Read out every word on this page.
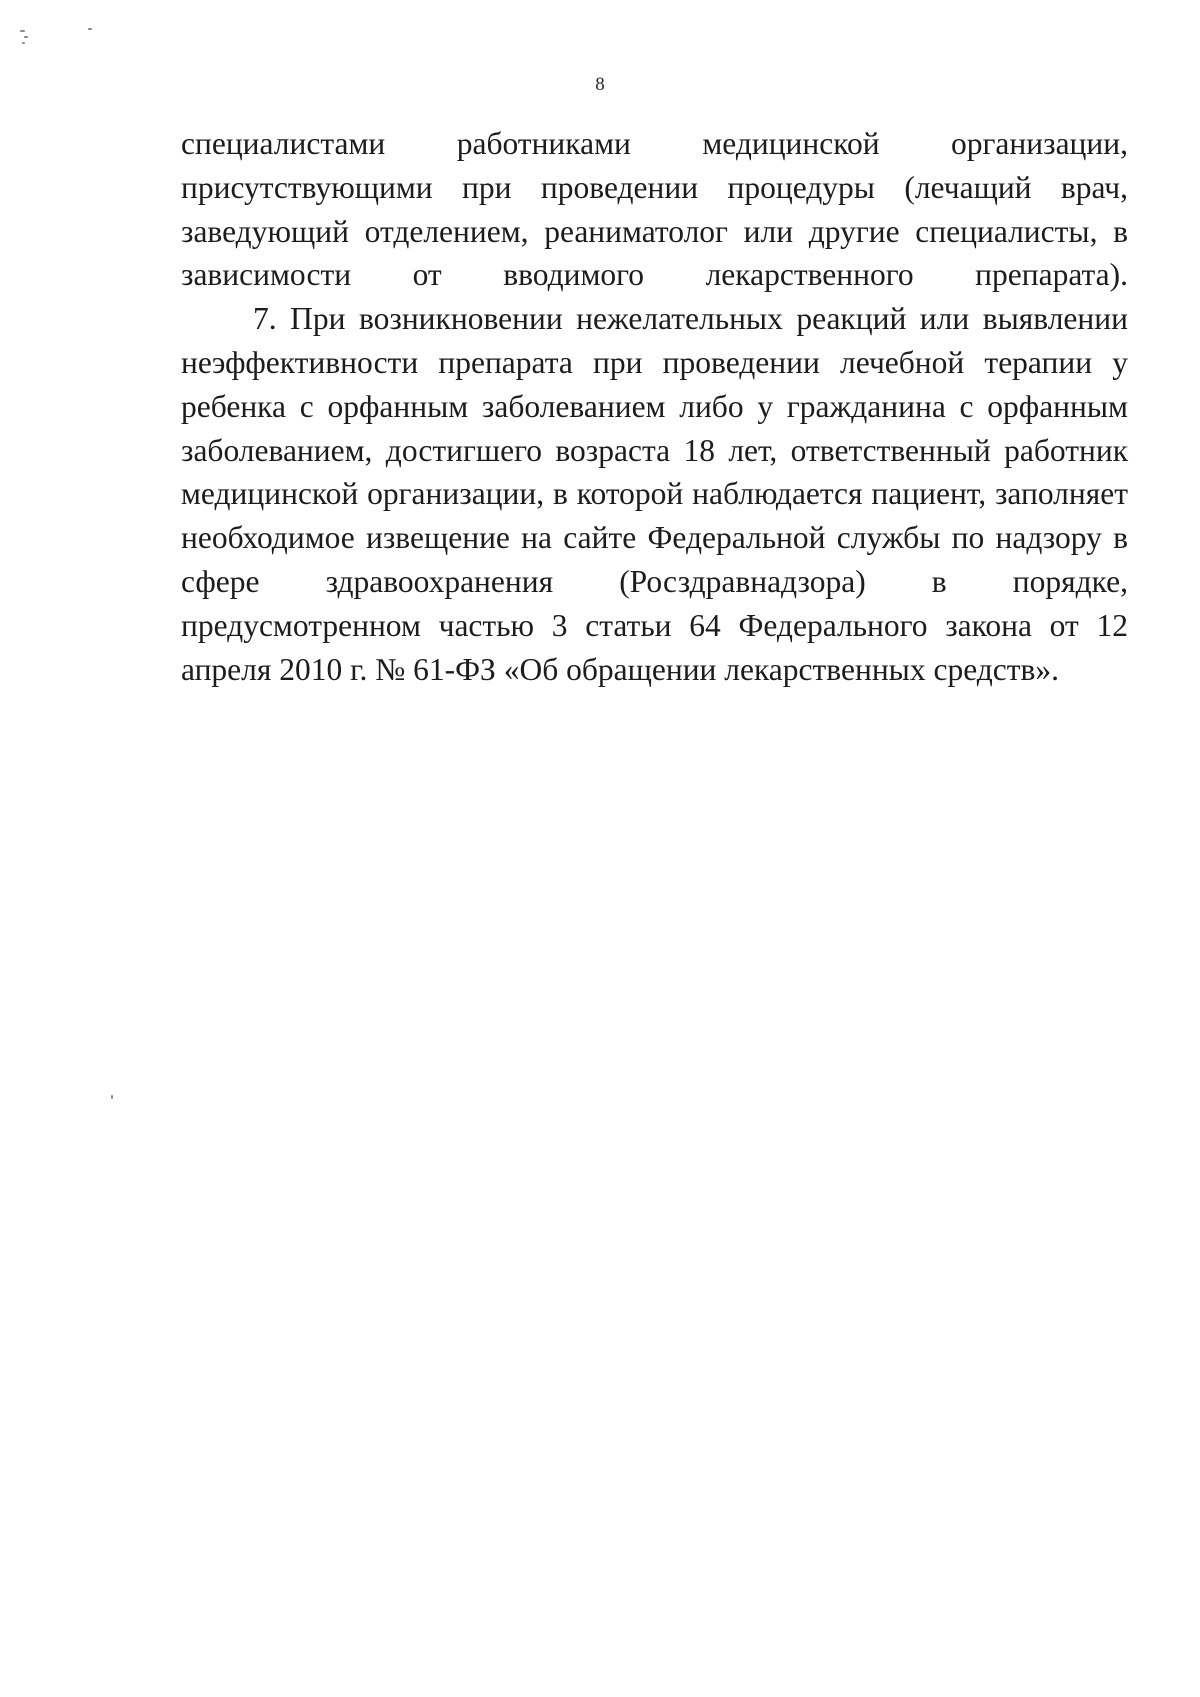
8

специалистами работниками медицинской организации, присутствующими при проведении процедуры (лечащий врач, заведующий отделением, реаниматолог или другие специалисты, в зависимости от вводимого лекарственного препарата).

7. При возникновении нежелательных реакций или выявлении неэффективности препарата при проведении лечебной терапии у ребенка с орфанным заболеванием либо у гражданина с орфанным заболеванием, достигшего возраста 18 лет, ответственный работник медицинской организации, в которой наблюдается пациент, заполняет необходимое извещение на сайте Федеральной службы по надзору в сфере здравоохранения (Росздравнадзора) в порядке, предусмотренном частью 3 статьи 64 Федерального закона от 12 апреля 2010 г. № 61-ФЗ «Об обращении лекарственных средств».
